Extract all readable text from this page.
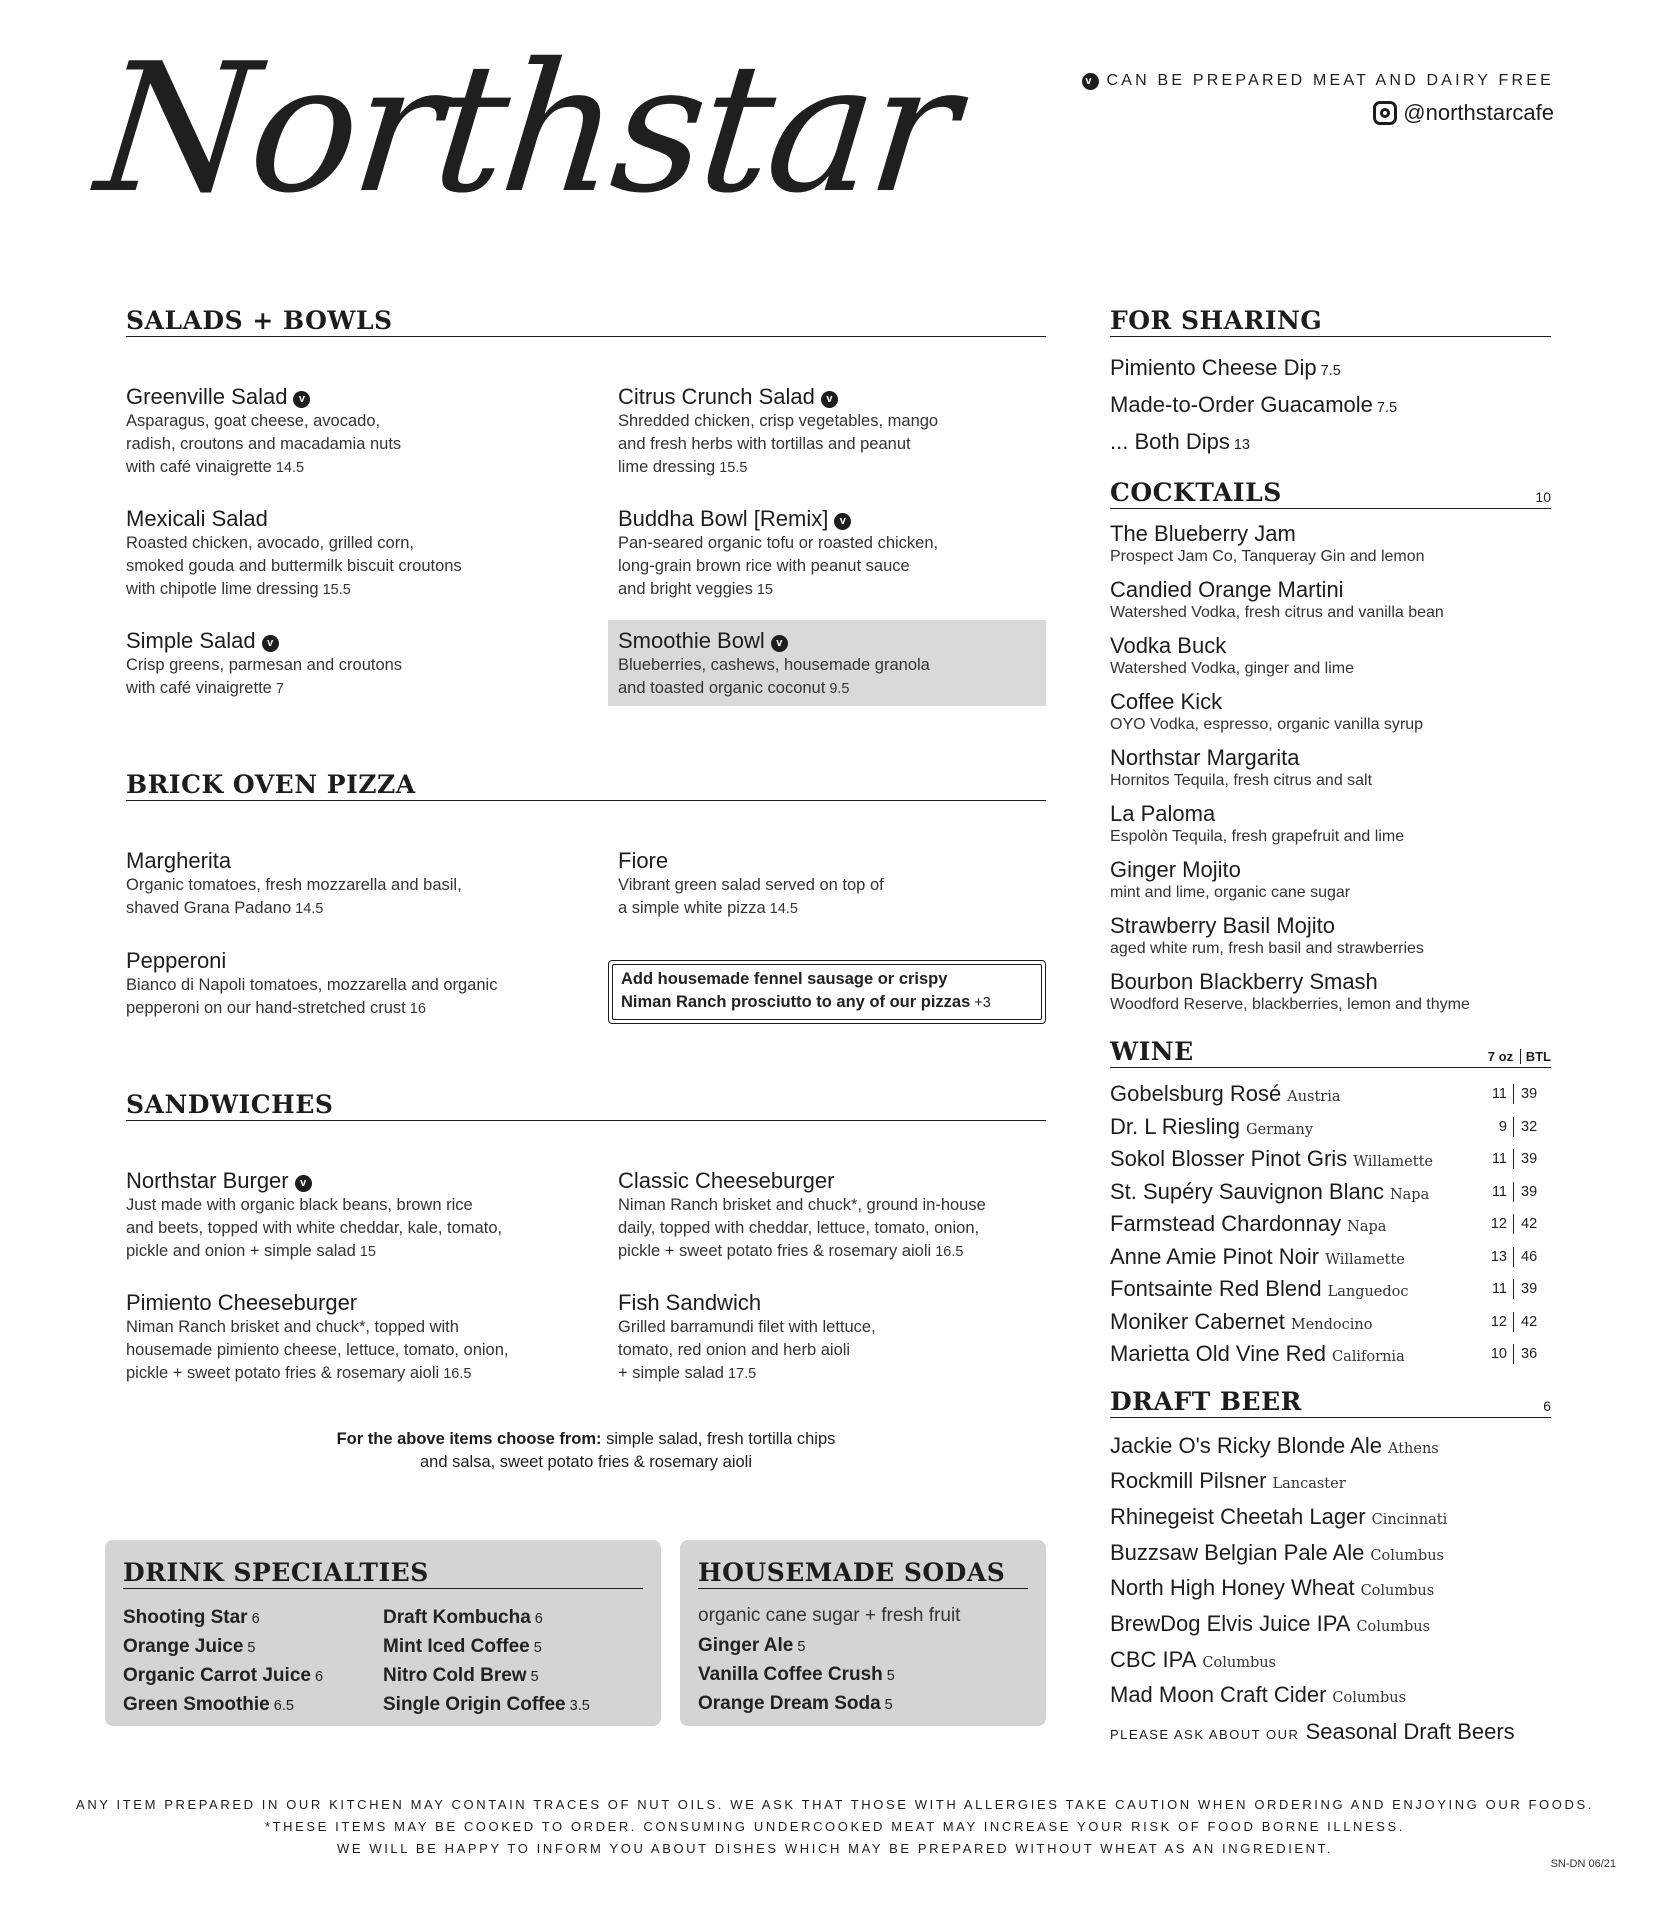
Northstar	v CAN BE PREPARED MEAT AND DAIRY FREE
@northstarcafe
SALADS + BOWLS
Greenville Salad v
Asparagus, goat cheese, avocado,
radish, croutons and macadamia nuts
with café vinaigrette 14.5
Citrus Crunch Salad v
Shredded chicken, crisp vegetables, mango
and fresh herbs with tortillas and peanut
lime dressing 15.5
Mexicali Salad
Roasted chicken, avocado, grilled corn,
smoked gouda and buttermilk biscuit croutons
with chipotle lime dressing 15.5
Buddha Bowl [Remix] v
Pan-seared organic tofu or roasted chicken,
long-grain brown rice with peanut sauce
and bright veggies 15
Simple Salad v
Crisp greens, parmesan and croutons
with café vinaigrette 7
Smoothie Bowl v
Blueberries, cashews, housemade granola
and toasted organic coconut 9.5
BRICK OVEN PIZZA
Margherita
Organic tomatoes, fresh mozzarella and basil,
shaved Grana Padano 14.5
Fiore
Vibrant green salad served on top of
a simple white pizza 14.5
Pepperoni
Bianco di Napoli tomatoes, mozzarella and organic
pepperoni on our hand-stretched crust 16
Add housemade fennel sausage or crispy
Niman Ranch prosciutto to any of our pizzas +3
SANDWICHES
Northstar Burger v
Just made with organic black beans, brown rice
and beets, topped with white cheddar, kale, tomato,
pickle and onion + simple salad 15
Classic Cheeseburger
Niman Ranch brisket and chuck*, ground in-house
daily, topped with cheddar, lettuce, tomato, onion,
pickle + sweet potato fries & rosemary aioli 16.5
Pimiento Cheeseburger
Niman Ranch brisket and chuck*, topped with
housemade pimiento cheese, lettuce, tomato, onion,
pickle + sweet potato fries & rosemary aioli 16.5
Fish Sandwich
Grilled barramundi filet with lettuce,
tomato, red onion and herb aioli
+ simple salad 17.5
For the above items choose from: simple salad, fresh tortilla chips
and salsa, sweet potato fries & rosemary aioli
DRINK SPECIALTIES
Shooting Star 6
Orange Juice 5
Organic Carrot Juice 6
Green Smoothie 6.5
Draft Kombucha 6
Mint Iced Coffee 5
Nitro Cold Brew 5
Single Origin Coffee 3.5
HOUSEMADE SODAS
organic cane sugar + fresh fruit
Ginger Ale 5
Vanilla Coffee Crush 5
Orange Dream Soda 5
FOR SHARING
Pimiento Cheese Dip 7.5
Made-to-Order Guacamole 7.5
... Both Dips 13
COCKTAILS	10
The Blueberry Jam
Prospect Jam Co, Tanqueray Gin and lemon
Candied Orange Martini
Watershed Vodka, fresh citrus and vanilla bean
Vodka Buck
Watershed Vodka, ginger and lime
Coffee Kick
OYO Vodka, espresso, organic vanilla syrup
Northstar Margarita
Hornitos Tequila, fresh citrus and salt
La Paloma
Espolòn Tequila, fresh grapefruit and lime
Ginger Mojito
mint and lime, organic cane sugar
Strawberry Basil Mojito
aged white rum, fresh basil and strawberries
Bourbon Blackberry Smash
Woodford Reserve, blackberries, lemon and thyme
WINE	7 oz BTL
Gobelsburg Rosé Austria	11 39
Dr. L Riesling Germany	9 32
Sokol Blosser Pinot Gris Willamette	11 39
St. Supéry Sauvignon Blanc Napa	11 39
Farmstead Chardonnay Napa	12 42
Anne Amie Pinot Noir Willamette	13 46
Fontsainte Red Blend Languedoc	11 39
Moniker Cabernet Mendocino	12 42
Marietta Old Vine Red California	10 36
DRAFT BEER	6
Jackie O's Ricky Blonde Ale Athens
Rockmill Pilsner Lancaster
Rhinegeist Cheetah Lager Cincinnati
Buzzsaw Belgian Pale Ale Columbus
North High Honey Wheat Columbus
BrewDog Elvis Juice IPA Columbus
CBC IPA Columbus
Mad Moon Craft Cider Columbus
PLEASE ASK ABOUT OUR Seasonal Draft Beers
ANY ITEM PREPARED IN OUR KITCHEN MAY CONTAIN TRACES OF NUT OILS. WE ASK THAT THOSE WITH ALLERGIES TAKE CAUTION WHEN ORDERING AND ENJOYING OUR FOODS.
*THESE ITEMS MAY BE COOKED TO ORDER. CONSUMING UNDERCOOKED MEAT MAY INCREASE YOUR RISK OF FOOD BORNE ILLNESS.
WE WILL BE HAPPY TO INFORM YOU ABOUT DISHES WHICH MAY BE PREPARED WITHOUT WHEAT AS AN INGREDIENT.
SN-DN 06/21
